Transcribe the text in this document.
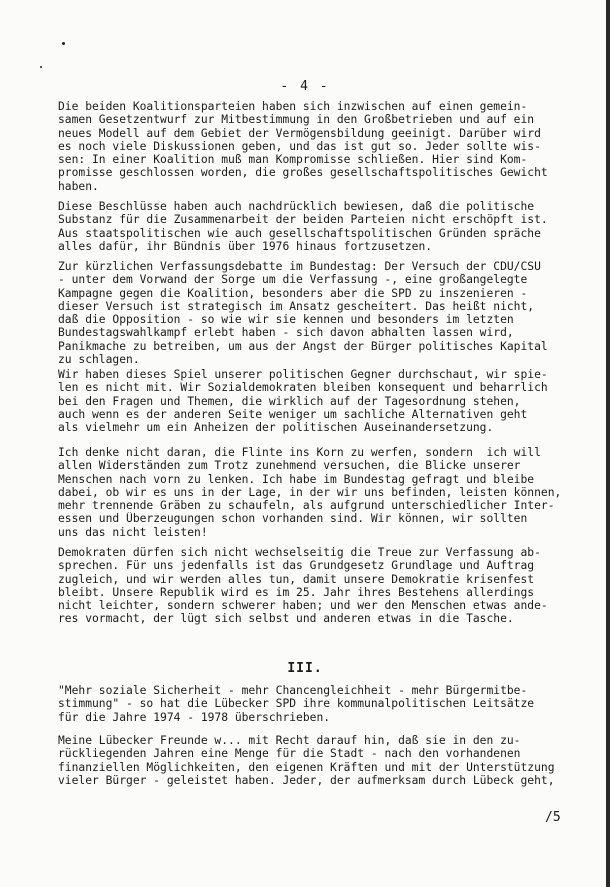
- 4 -
Die beiden Koalitionsparteien haben sich inzwischen auf einen gemein-
samen Gesetzentwurf zur Mitbestimmung in den Großbetrieben und auf ein
neues Modell auf dem Gebiet der Vermögensbildung geeinigt. Darüber wird
es noch viele Diskussionen geben, und das ist gut so. Jeder sollte wis-
sen: In einer Koalition muß man Kompromisse schließen. Hier sind Kom-
promisse geschlossen worden, die großes gesellschaftspolitisches Gewicht
haben.
Diese Beschlüsse haben auch nachdrücklich bewiesen, daß die politische
Substanz für die Zusammenarbeit der beiden Parteien nicht erschöpft ist.
Aus staatspolitischen wie auch gesellschaftspolitischen Gründen spräche
alles dafür, ihr Bündnis über 1976 hinaus fortzusetzen.
Zur kürzlichen Verfassungsdebatte im Bundestag: Der Versuch der CDU/CSU
- unter dem Vorwand der Sorge um die Verfassung -, eine großangelegte
Kampagne gegen die Koalition, besonders aber die SPD zu inszenieren -
dieser Versuch ist strategisch im Ansatz gescheitert. Das heißt nicht,
daß die Opposition - so wie wir sie kennen und besonders im letzten
Bundestagswahlkampf erlebt haben - sich davon abhalten lassen wird,
Panikmache zu betreiben, um aus der Angst der Bürger politisches Kapital
zu schlagen.
Wir haben dieses Spiel unserer politischen Gegner durchschaut, wir spie-
len es nicht mit. Wir Sozialdemokraten bleiben konsequent und beharrlich
bei den Fragen und Themen, die wirklich auf der Tagesordnung stehen,
auch wenn es der anderen Seite weniger um sachliche Alternativen geht
als vielmehr um ein Anheizen der politischen Auseinandersetzung.
Ich denke nicht daran, die Flinte ins Korn zu werfen, sondern  ich will
allen Widerständen zum Trotz zunehmend versuchen, die Blicke unserer
Menschen nach vorn zu lenken. Ich habe im Bundestag gefragt und bleibe
dabei, ob wir es uns in der Lage, in der wir uns befinden, leisten können,
mehr trennende Gräben zu schaufeln, als aufgrund unterschiedlicher Inter-
essen und Überzeugungen schon vorhanden sind. Wir können, wir sollten
uns das nicht leisten!
Demokraten dürfen sich nicht wechselseitig die Treue zur Verfassung ab-
sprechen. Für uns jedenfalls ist das Grundgesetz Grundlage und Auftrag
zugleich, und wir werden alles tun, damit unsere Demokratie krisenfest
bleibt. Unsere Republik wird es im 25. Jahr ihres Bestehens allerdings
nicht leichter, sondern schwerer haben; und wer den Menschen etwas ande-
res vormacht, der lügt sich selbst und anderen etwas in die Tasche.
III.
"Mehr soziale Sicherheit - mehr Chancengleichheit - mehr Bürgermitbe-
stimmung" - so hat die Lübecker SPD ihre kommunalpolitischen Leitsätze
für die Jahre 1974 - 1978 überschrieben.
Meine Lübecker Freunde w... mit Recht darauf hin, daß sie in den zu-
rückliegenden Jahren eine Menge für die Stadt - nach den vorhandenen
finanziellen Möglichkeiten, den eigenen Kräften und mit der Unterstützung
vieler Bürger - geleistet haben. Jeder, der aufmerksam durch Lübeck geht,
/5
